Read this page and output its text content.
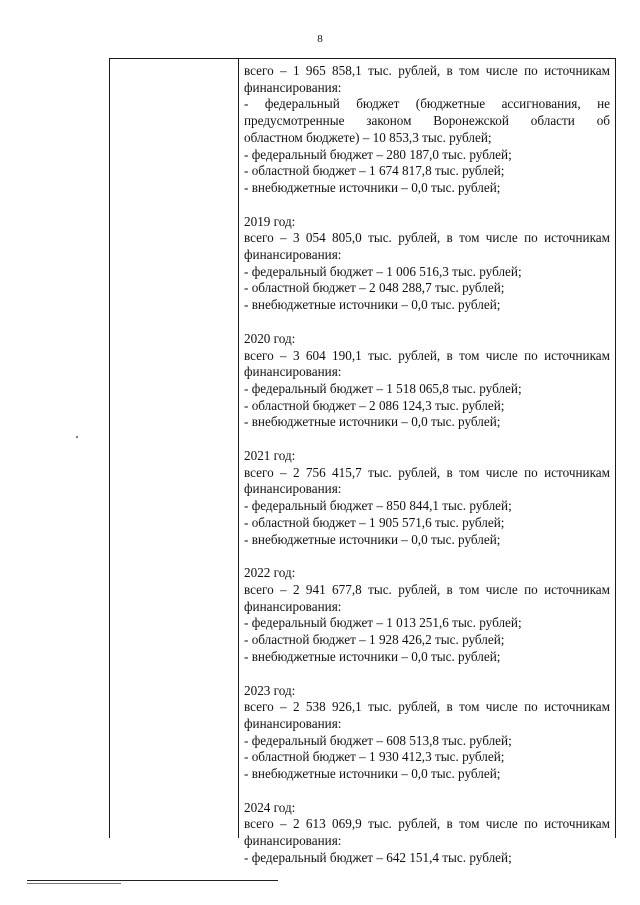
8
всего – 1 965 858,1 тыс. рублей, в том числе по источникам
финансирования:
- федеральный бюджет (бюджетные ассигнования, не
предусмотренные законом Воронежской области об
областном бюджете) – 10 853,3 тыс. рублей;
- федеральный бюджет – 280 187,0 тыс. рублей;
- областной бюджет – 1 674 817,8 тыс. рублей;
- внебюджетные источники – 0,0 тыс. рублей;
2019 год:
всего – 3 054 805,0 тыс. рублей, в том числе по источникам
финансирования:
- федеральный бюджет – 1 006 516,3 тыс. рублей;
- областной бюджет – 2 048 288,7 тыс. рублей;
- внебюджетные источники – 0,0 тыс. рублей;
2020 год:
всего – 3 604 190,1 тыс. рублей, в том числе по источникам
финансирования:
- федеральный бюджет – 1 518 065,8 тыс. рублей;
- областной бюджет – 2 086 124,3 тыс. рублей;
- внебюджетные источники – 0,0 тыс. рублей;
2021 год:
всего – 2 756 415,7 тыс. рублей, в том числе по источникам
финансирования:
- федеральный бюджет – 850 844,1 тыс. рублей;
- областной бюджет – 1 905 571,6 тыс. рублей;
- внебюджетные источники – 0,0 тыс. рублей;
2022 год:
всего – 2 941 677,8 тыс. рублей, в том числе по источникам
финансирования:
- федеральный бюджет – 1 013 251,6 тыс. рублей;
- областной бюджет – 1 928 426,2 тыс. рублей;
- внебюджетные источники – 0,0 тыс. рублей;
2023 год:
всего – 2 538 926,1 тыс. рублей, в том числе по источникам
финансирования:
- федеральный бюджет – 608 513,8 тыс. рублей;
- областной бюджет – 1 930 412,3 тыс. рублей;
- внебюджетные источники – 0,0 тыс. рублей;
2024 год:
всего – 2 613 069,9 тыс. рублей, в том числе по источникам
финансирования:
- федеральный бюджет – 642 151,4 тыс. рублей;
